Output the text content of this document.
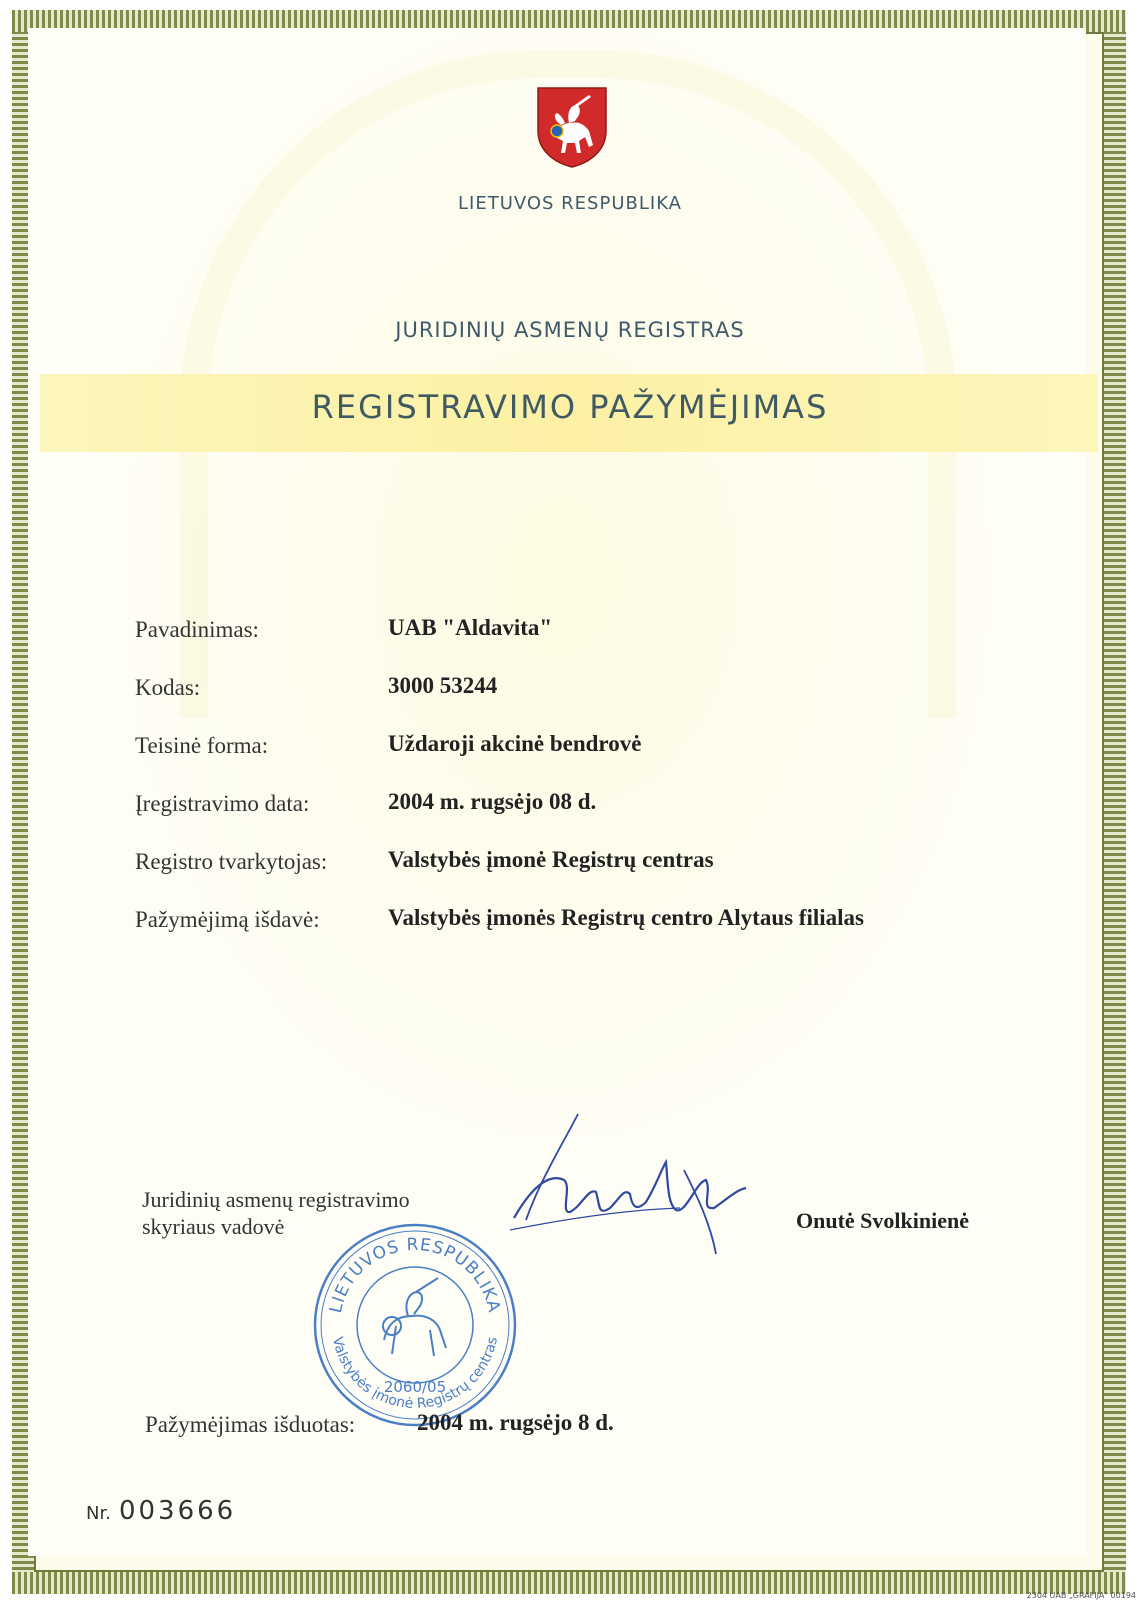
LIETUVOS RESPUBLIKA
JURIDINIŲ ASMENŲ REGISTRAS
REGISTRAVIMO PAŽYMĖJIMAS
Pavadinimas:	UAB "Aldavita"
Kodas:	3000 53244
Teisinė forma:	Uždaroji akcinė bendrovė
Įregistravimo data:	2004 m. rugsėjo 08 d.
Registro tvarkytojas:	Valstybės įmonė Registrų centras
Pažymėjimą išdavė:	Valstybės įmonės Registrų centro Alytaus filialas
Juridinių asmenų registravimo
skyriaus vadovė
LIETUVOS RESPUBLIKA
Valstybės įmonė Registrų centras
2060/05
Onutė Svolkinienė
Pažymėjimas išduotas:	2004 m. rugsėjo 8 d.
Nr. 003666
2304 UAB „GRAFIJA" 00194
